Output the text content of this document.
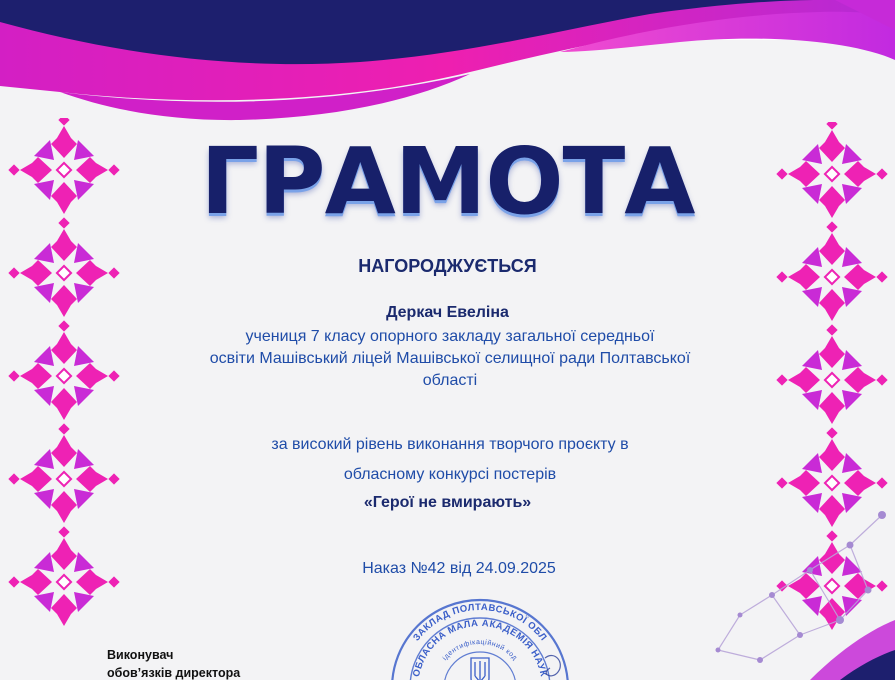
ГРАМОТА
НАГОРОДЖУЄТЬСЯ
Деркач Евеліна
учениця 7 класу опорного закладу загальної середньої
освіти Машівський ліцей Машівської селищної ради Полтавської
області
за високий рівень виконання творчого проєкту в
обласному конкурсі постерів
«Герої не вмирають»
Наказ №42 від 24.09.2025
ЗАКЛАД ПОЛТАВСЬКОЇ ОБЛ
ОБЛАСНА МАЛА АКАДЕМІЯ НАУК
ідентифікаційний код
Виконувач
обов’язків директора
